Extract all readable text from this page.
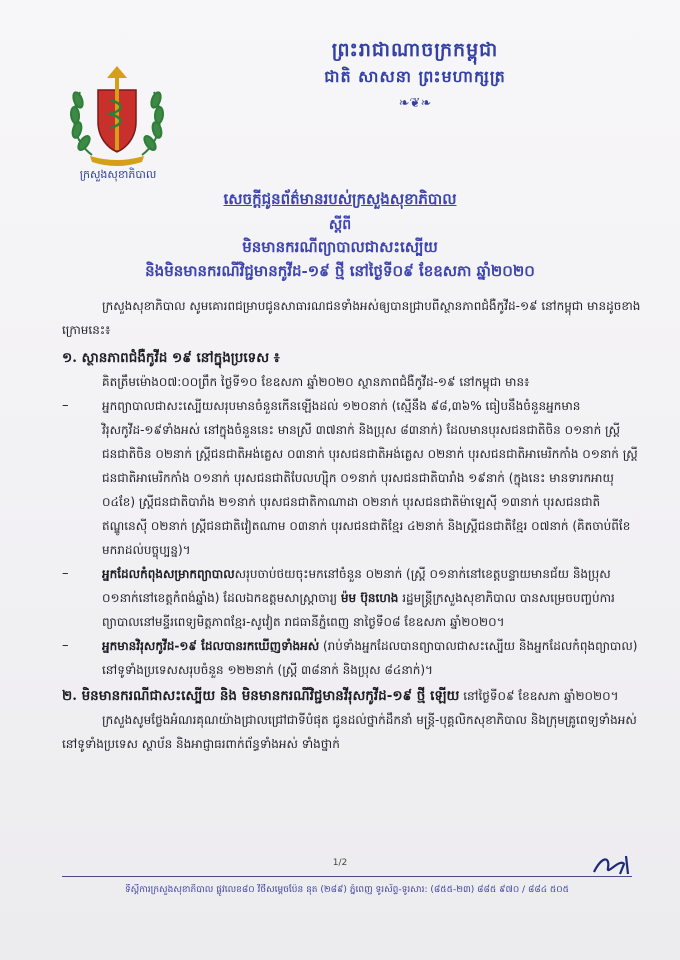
ក្រសួងសុខាភិបាល
ព្រះរាជាណាចក្រកម្ពុជា
ជាតិ សាសនា ព្រះមហាក្សត្រ
❧❦❧
សេចក្តីជូនព័ត៌មានរបស់ក្រសួងសុខាភិបាល
ស្តីពី
មិនមានករណីព្យាបាលជាសះស្បើយ
និងមិនមានករណីវិជ្ជមានកូវីដ-១៩ ថ្មី នៅថ្ងៃទី០៩ ខែឧសភា ឆ្នាំ២០២០

ក្រសួងសុខាភិបាល សូមគោរពជម្រាបជូនសាធារណជនទាំងអស់ឲ្យបានជ្រាបពីស្ថានភាពជំងឺកូវីដ-១៩ នៅកម្ពុជា មានដូចខាងក្រោមនេះ៖

១. ស្ថានភាពជំងឺកូវីដ ១៩ នៅក្នុងប្រទេស ៖

គិតត្រឹមម៉ោង០៧:០០ព្រឹក ថ្ងៃទី១០ ខែឧសភា ឆ្នាំ២០២០ ស្ថានភាពជំងឺកូវីដ-១៩ នៅកម្ពុជា មាន៖

–	អ្នកព្យាបាលជាសះស្បើយសរុបមានចំនួនកើនឡើងដល់ ១២០នាក់ (ស្មើនឹង ៩៨,៣៦% ធៀបនឹងចំនួនអ្នកមានវិរុសកូវីដ-១៩ទាំងអស់ នៅក្នុងចំនួននេះ មានស្រី ៣៧នាក់ និងប្រុស ៨៣នាក់) ដែលមានបុរសជនជាតិចិន ០១នាក់ ស្ត្រីជនជាតិចិន ០២នាក់ ស្ត្រីជនជាតិអង់គ្លេស ០៣នាក់ បុរសជនជាតិអង់គ្លេស ០២នាក់ បុរសជនជាតិអាមេរិកកាំង ០១នាក់ ស្ត្រីជនជាតិអាមេរិកកាំង ០១នាក់ បុរសជនជាតិបែលហ្ស៊ិក ០១នាក់ បុរសជនជាតិបារាំង ១៩នាក់ (ក្នុងនេះ មានទារកអាយុ ០៤ខែ) ស្ត្រីជនជាតិបារាំង ២១នាក់ បុរសជនជាតិកាណាដា ០២នាក់ បុរសជនជាតិម៉ាឡេស៊ី ១៣នាក់ បុរសជនជាតិឥណ្ឌូនេស៊ី ០២នាក់ ស្ត្រីជនជាតិវៀតណាម ០៣នាក់ បុរសជនជាតិខ្មែរ ៤២នាក់ និងស្ត្រីជនជាតិខ្មែរ ០៧នាក់ (គិតចាប់ពីខែមករាដល់បច្ចុប្បន្ន)។
–	អ្នកដែលកំពុងសម្រាកព្យាបាលសរុបចាប់ថយចុះមកនៅចំនួន ០២នាក់ (ស្ត្រី ០១នាក់នៅខេត្តបន្ទាយមានជ័យ និងប្រុស ០១នាក់នៅខេត្តកំពង់ឆ្នាំង) ដែលឯកឧត្តមសាស្ត្រាចារ្យ ម៉ម ប៊ុនហេង រដ្ឋមន្ត្រីក្រសួងសុខាភិបាល បានសម្រេចបញ្ចប់ការព្យាបាលនៅមន្ទីរពេទ្យមិត្តភាពខ្មែរ-សូវៀត រាជធានីភ្នំពេញ នាថ្ងៃទី០៨ ខែឧសភា ឆ្នាំ២០២០។
–	អ្នកមានវិរុសកូវីដ-១៩ ដែលបានរកឃើញទាំងអស់ (រាប់ទាំងអ្នកដែលបានព្យាបាលជាសះស្បើយ និងអ្នកដែលកំពុងព្យាបាល) នៅទូទាំងប្រទេសសរុបចំនួន ១២២នាក់ (ស្ត្រី ៣៨នាក់ និងប្រុស ៨៤នាក់)។
២. មិនមានករណីជាសះស្បើយ និង មិនមានករណីវិជ្ជមានវីរុសកូវីដ-១៩ ថ្មី ឡើយ នៅថ្ងៃទី០៩ ខែឧសភា ឆ្នាំ២០២០។

ក្រសួងសូមថ្លែងអំណរគុណយ៉ាងជ្រាលជ្រៅជាទីបំផុត ជូនដល់ថ្នាក់ដឹកនាំ មន្ត្រី-បុគ្គលិកសុខាភិបាល និងក្រុមគ្រូពេទ្យទាំងអស់នៅទូទាំងប្រទេស ស្ថាប័ន និងអាជ្ញាធរពាក់ព័ន្ធទាំងអស់ ទាំងថ្នាក់

1/2
ទីស្តីការក្រសួងសុខាភិបាល ផ្លូវលេខ៨០ វិថីសម្តេចប៉ែន នុត (២៨៩) ភ្នំពេញ ទូរស័ព្ទ-ទូរសារ: (៨៥៥-២៣) ៨៨៥ ៩៧០ / ៨៨៤ ៥០៥
